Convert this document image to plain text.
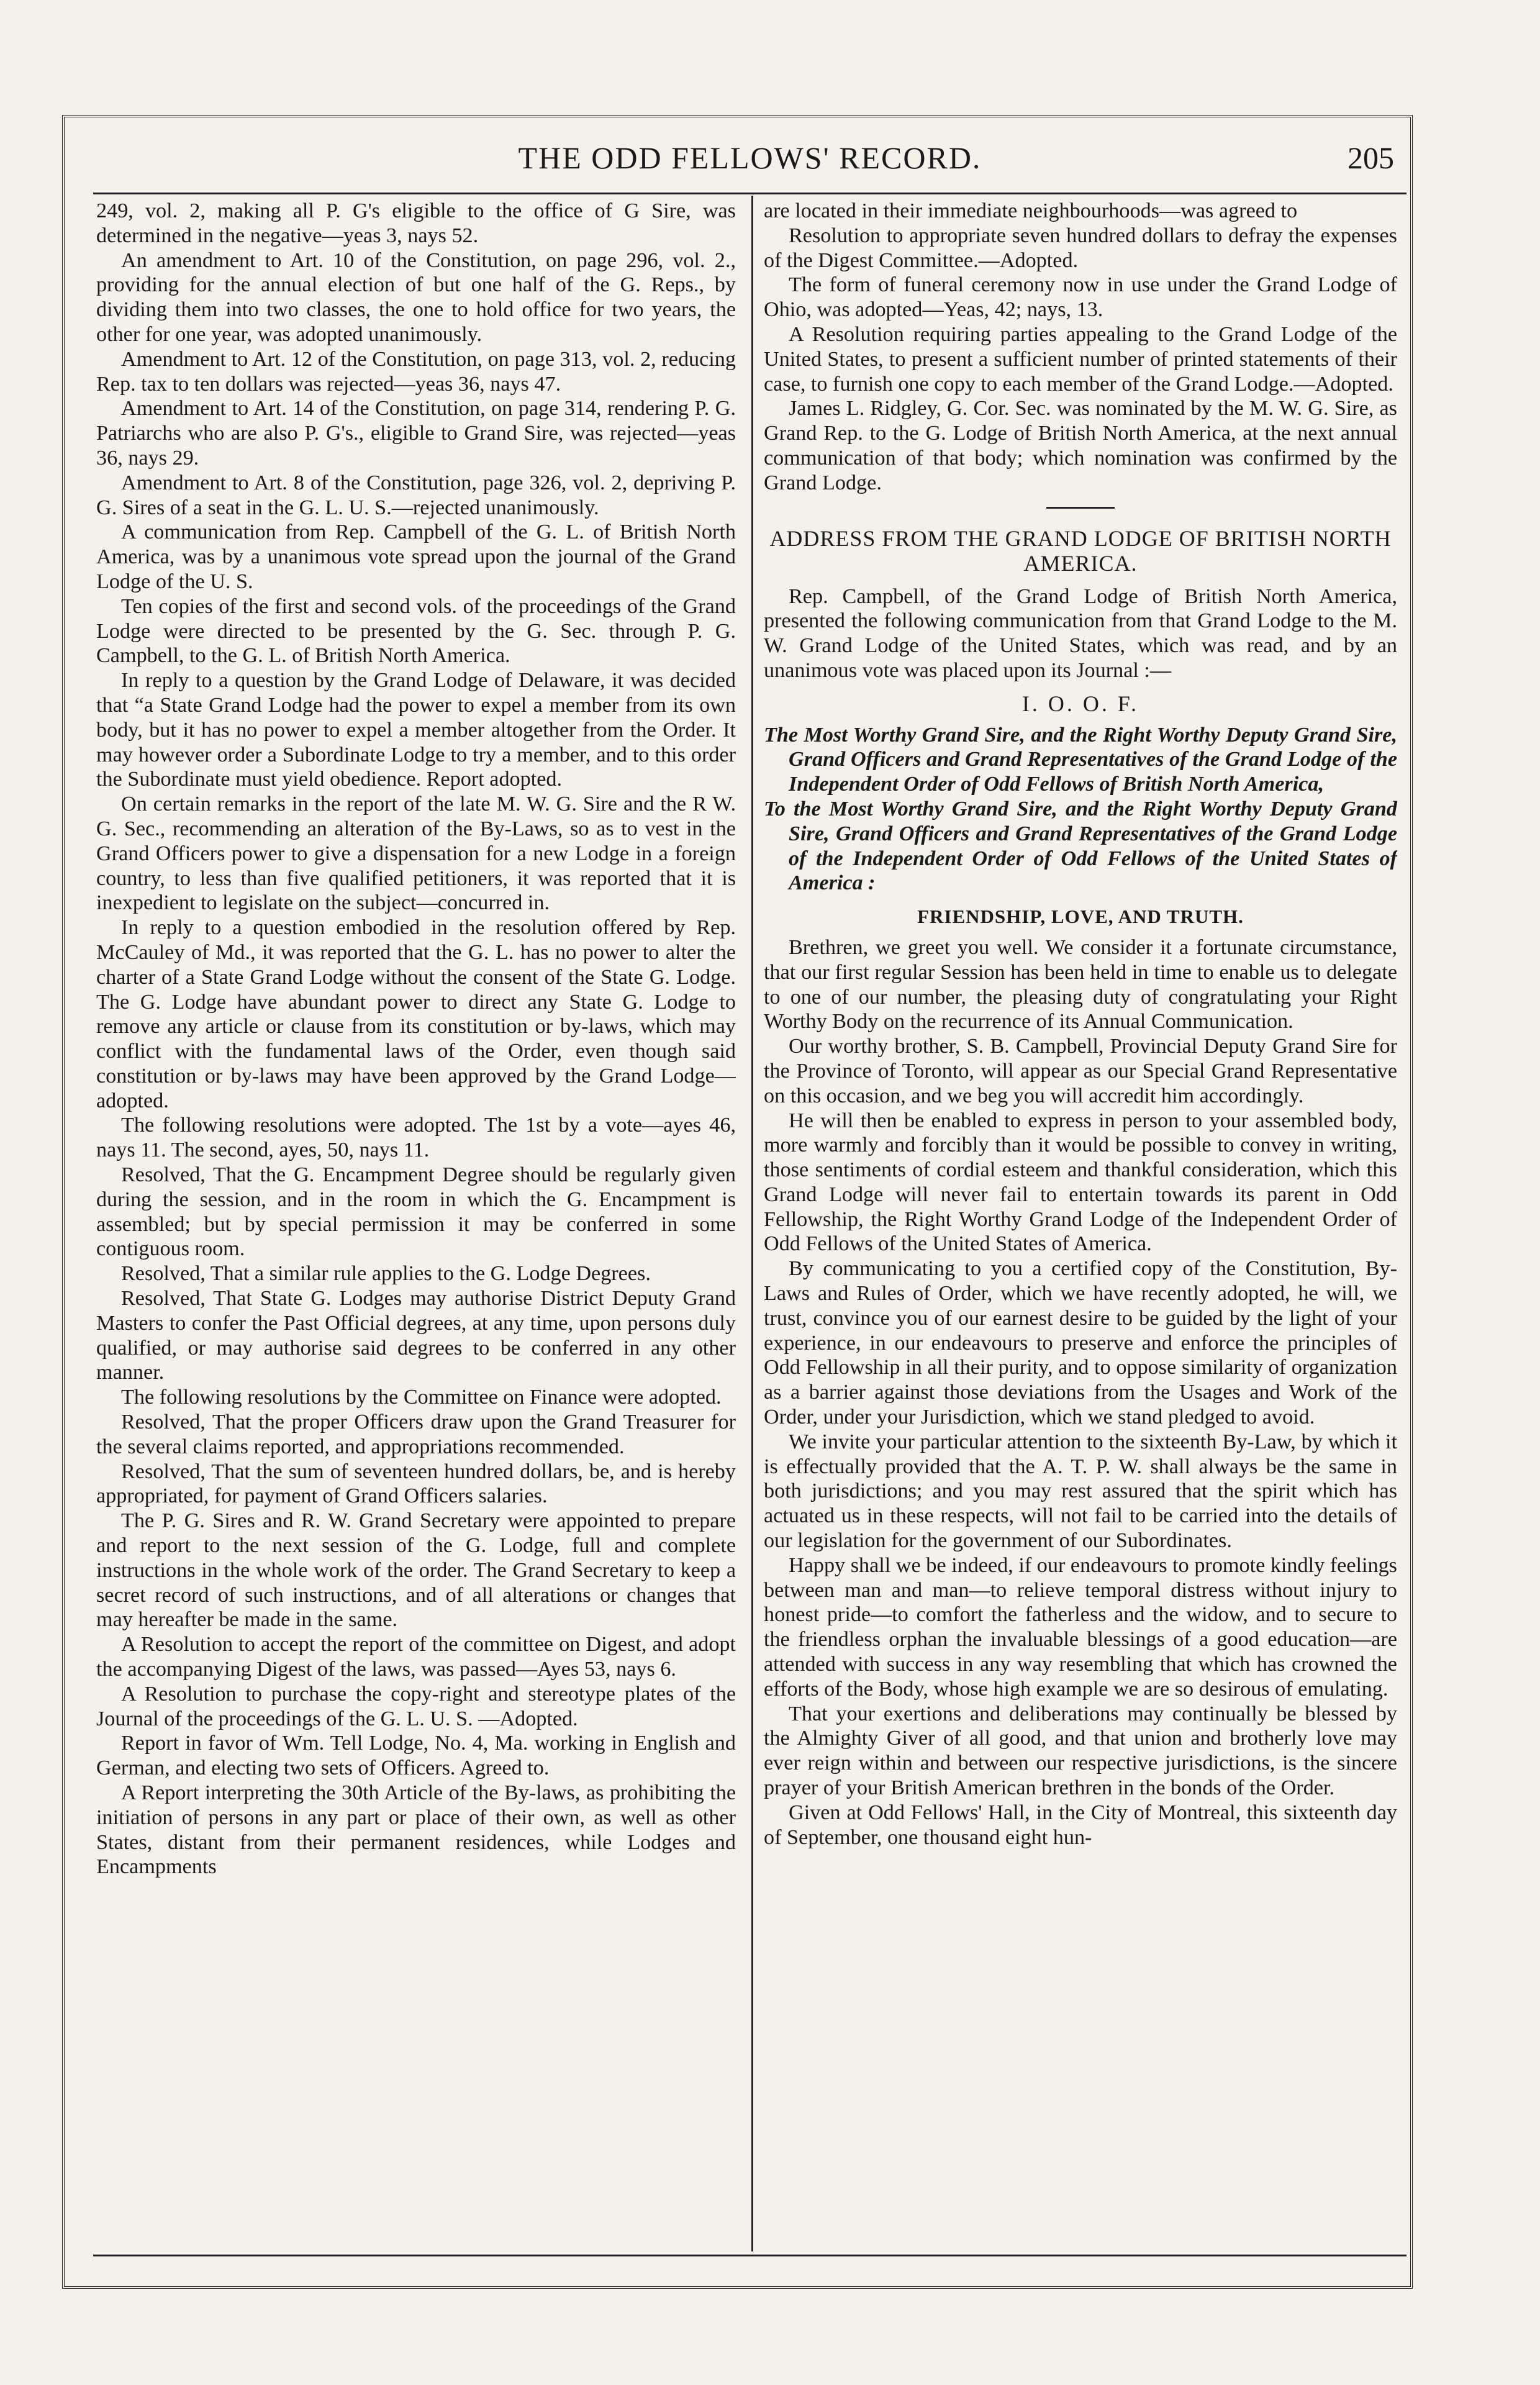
THE ODD FELLOWS' RECORD.	205

249, vol. 2, making all P. G's eligible to the office of G Sire, was determined in the negative—yeas 3, nays 52.

An amendment to Art. 10 of the Constitution, on page 296, vol. 2., providing for the annual election of but one half of the G. Reps., by dividing them into two classes, the one to hold office for two years, the other for one year, was adopted unanimously.

Amendment to Art. 12 of the Constitution, on page 313, vol. 2, reducing Rep. tax to ten dollars was rejected—yeas 36, nays 47.

Amendment to Art. 14 of the Constitution, on page 314, rendering P. G. Patriarchs who are also P. G's., eligible to Grand Sire, was rejected—yeas 36, nays 29.

Amendment to Art. 8 of the Constitution, page 326, vol. 2, depriving P. G. Sires of a seat in the G. L. U. S.—rejected unanimously.

A communication from Rep. Campbell of the G. L. of British North America, was by a unanimous vote spread upon the journal of the Grand Lodge of the U. S.

Ten copies of the first and second vols. of the proceedings of the Grand Lodge were directed to be presented by the G. Sec. through P. G. Campbell, to the G. L. of British North America.

In reply to a question by the Grand Lodge of Delaware, it was decided that “a State Grand Lodge had the power to expel a member from its own body, but it has no power to expel a member altogether from the Order. It may however order a Subordinate Lodge to try a member, and to this order the Subordinate must yield obedience. Report adopted.

On certain remarks in the report of the late M. W. G. Sire and the R W. G. Sec., recommending an alteration of the By-Laws, so as to vest in the Grand Officers power to give a dispensation for a new Lodge in a foreign country, to less than five qualified petitioners, it was reported that it is inexpedient to legislate on the subject—concurred in.

In reply to a question embodied in the resolution offered by Rep. McCauley of Md., it was reported that the G. L. has no power to alter the charter of a State Grand Lodge without the consent of the State G. Lodge. The G. Lodge have abundant power to direct any State G. Lodge to remove any article or clause from its constitution or by-laws, which may conflict with the fundamental laws of the Order, even though said constitution or by-laws may have been approved by the Grand Lodge—adopted.

The following resolutions were adopted. The 1st by a vote—ayes 46, nays 11. The second, ayes, 50, nays 11.

Resolved, That the G. Encampment Degree should be regularly given during the session, and in the room in which the G. Encampment is assembled; but by special permission it may be conferred in some contiguous room.

Resolved, That a similar rule applies to the G. Lodge Degrees.

Resolved, That State G. Lodges may authorise District Deputy Grand Masters to confer the Past Official degrees, at any time, upon persons duly qualified, or may authorise said degrees to be conferred in any other manner.

The following resolutions by the Committee on Finance were adopted.

Resolved, That the proper Officers draw upon the Grand Treasurer for the several claims reported, and appropriations recommended.

Resolved, That the sum of seventeen hundred dollars, be, and is hereby appropriated, for payment of Grand Officers salaries.

The P. G. Sires and R. W. Grand Secretary were appointed to prepare and report to the next session of the G. Lodge, full and complete instructions in the whole work of the order. The Grand Secretary to keep a secret record of such instructions, and of all alterations or changes that may hereafter be made in the same.

A Resolution to accept the report of the committee on Digest, and adopt the accompanying Digest of the laws, was passed—Ayes 53, nays 6.

A Resolution to purchase the copy-right and stereotype plates of the Journal of the proceedings of the G. L. U. S. —Adopted.

Report in favor of Wm. Tell Lodge, No. 4, Ma. working in English and German, and electing two sets of Officers. Agreed to.

A Report interpreting the 30th Article of the By-laws, as prohibiting the initiation of persons in any part or place of their own, as well as other States, distant from their permanent residences, while Lodges and Encampments

are located in their immediate neighbourhoods—was agreed to

Resolution to appropriate seven hundred dollars to defray the expenses of the Digest Committee.—Adopted.

The form of funeral ceremony now in use under the Grand Lodge of Ohio, was adopted—Yeas, 42; nays, 13.

A Resolution requiring parties appealing to the Grand Lodge of the United States, to present a sufficient number of printed statements of their case, to furnish one copy to each member of the Grand Lodge.—Adopted.

James L. Ridgley, G. Cor. Sec. was nominated by the M. W. G. Sire, as Grand Rep. to the G. Lodge of British North America, at the next annual communication of that body; which nomination was confirmed by the Grand Lodge.

ADDRESS FROM THE GRAND LODGE OF BRITISH NORTH AMERICA.

Rep. Campbell, of the Grand Lodge of British North America, presented the following communication from that Grand Lodge to the M. W. Grand Lodge of the United States, which was read, and by an unanimous vote was placed upon its Journal :—

I. O. O. F.

The Most Worthy Grand Sire, and the Right Worthy Deputy Grand Sire, Grand Officers and Grand Representatives of the Grand Lodge of the Independent Order of Odd Fellows of British North America,

To the Most Worthy Grand Sire, and the Right Worthy Deputy Grand Sire, Grand Officers and Grand Representatives of the Grand Lodge of the Independent Order of Odd Fellows of the United States of America :

FRIENDSHIP, LOVE, AND TRUTH.

Brethren, we greet you well. We consider it a fortunate circumstance, that our first regular Session has been held in time to enable us to delegate to one of our number, the pleasing duty of congratulating your Right Worthy Body on the recurrence of its Annual Communication.

Our worthy brother, S. B. Campbell, Provincial Deputy Grand Sire for the Province of Toronto, will appear as our Special Grand Representative on this occasion, and we beg you will accredit him accordingly.

He will then be enabled to express in person to your assembled body, more warmly and forcibly than it would be possible to convey in writing, those sentiments of cordial esteem and thankful consideration, which this Grand Lodge will never fail to entertain towards its parent in Odd Fellowship, the Right Worthy Grand Lodge of the Independent Order of Odd Fellows of the United States of America.

By communicating to you a certified copy of the Constitution, By-Laws and Rules of Order, which we have recently adopted, he will, we trust, convince you of our earnest desire to be guided by the light of your experience, in our endeavours to preserve and enforce the principles of Odd Fellowship in all their purity, and to oppose similarity of organization as a barrier against those deviations from the Usages and Work of the Order, under your Jurisdiction, which we stand pledged to avoid.

We invite your particular attention to the sixteenth By-Law, by which it is effectually provided that the A. T. P. W. shall always be the same in both jurisdictions; and you may rest assured that the spirit which has actuated us in these respects, will not fail to be carried into the details of our legislation for the government of our Subordinates.

Happy shall we be indeed, if our endeavours to promote kindly feelings between man and man—to relieve temporal distress without injury to honest pride—to comfort the fatherless and the widow, and to secure to the friendless orphan the invaluable blessings of a good education—are attended with success in any way resembling that which has crowned the efforts of the Body, whose high example we are so desirous of emulating.

That your exertions and deliberations may continually be blessed by the Almighty Giver of all good, and that union and brotherly love may ever reign within and between our respective jurisdictions, is the sincere prayer of your British American brethren in the bonds of the Order.

Given at Odd Fellows' Hall, in the City of Montreal, this sixteenth day of September, one thousand eight hun-
